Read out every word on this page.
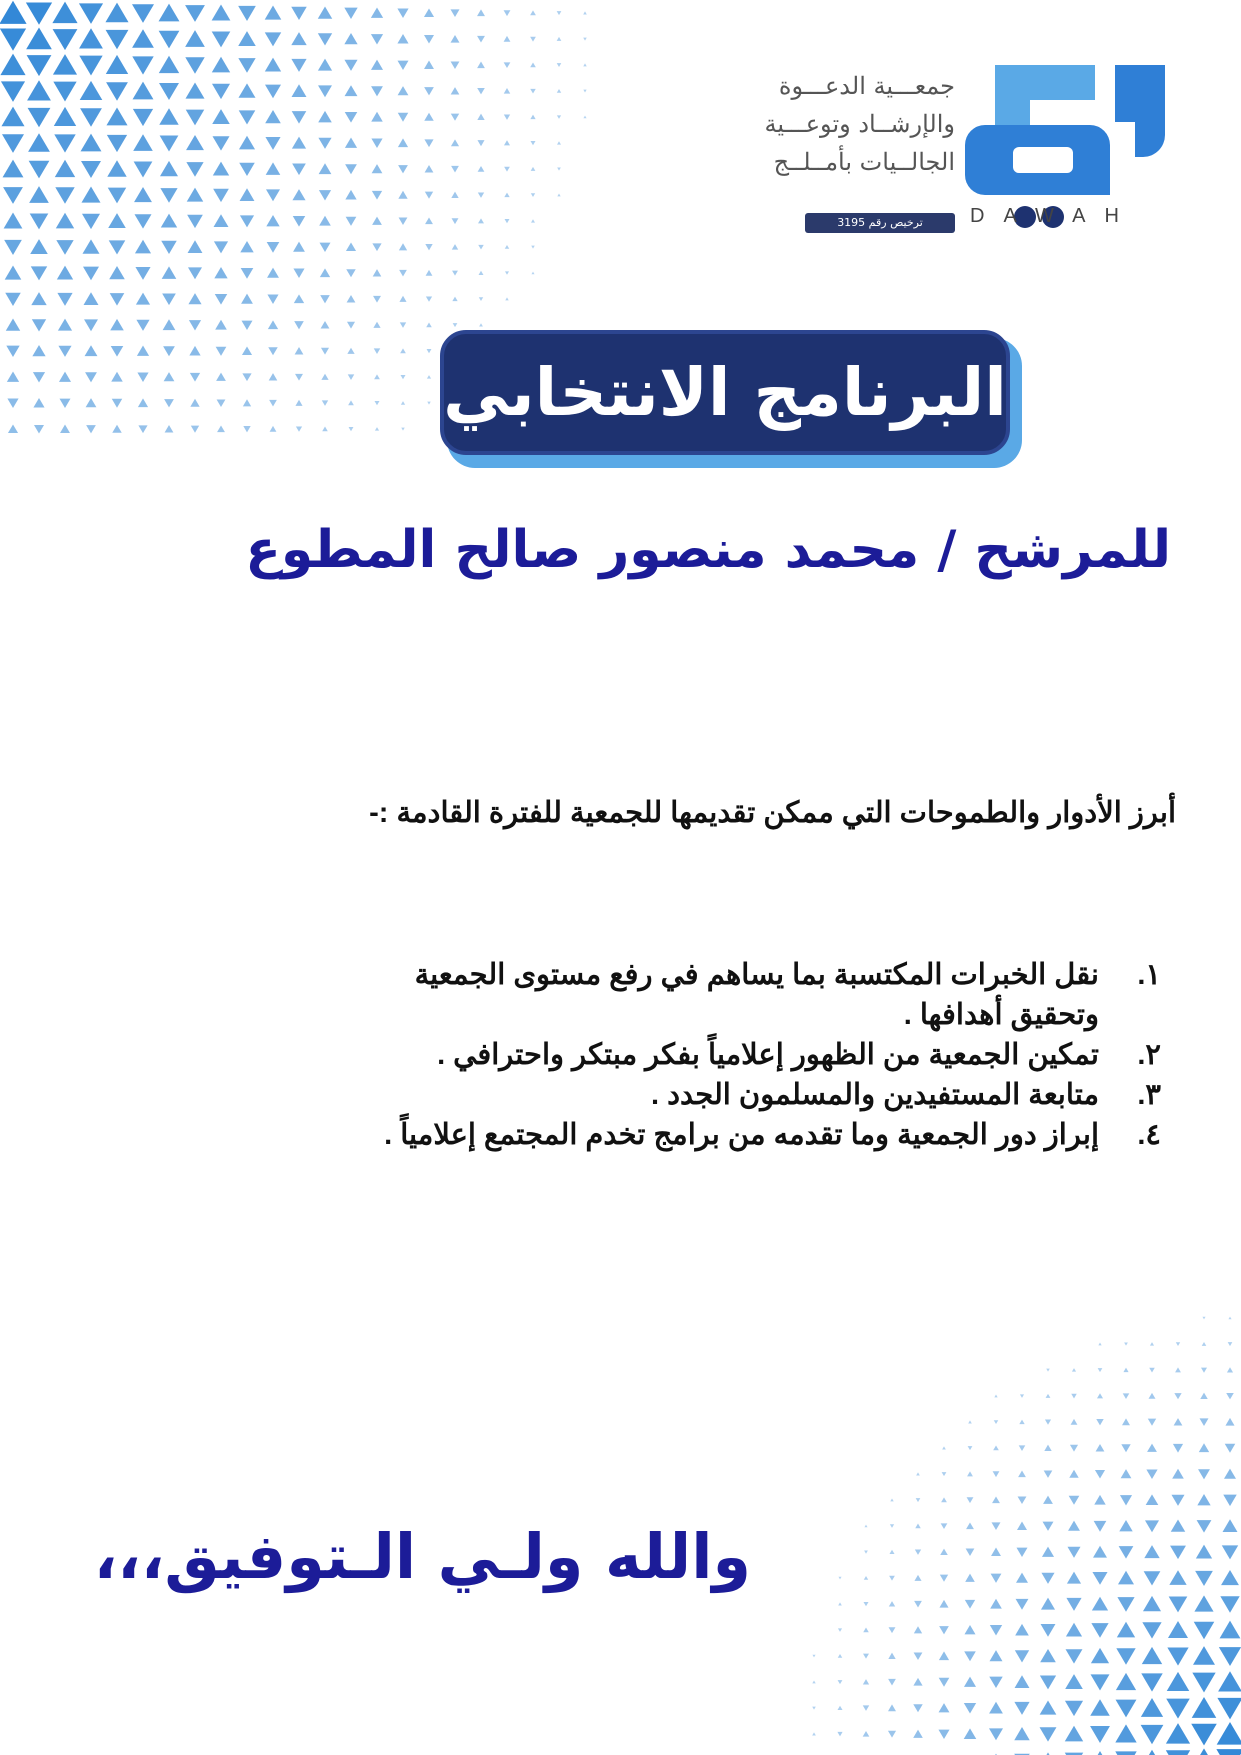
جمعـــية الدعـــوة
والإرشــاد وتوعـــية
الجالــيات بأمــلــج
ترخيص رقم 3195	DAWAH
البرنامج الانتخابي
للمرشح / محمد منصور صالح المطوع
أبرز الأدوار والطموحات التي ممكن تقديمها للجمعية للفترة القادمة :-
١.
نقل الخبرات المكتسبة بما يساهم في رفع مستوى الجمعية
وتحقيق أهدافها .
٢.
تمكين الجمعية من الظهور إعلامياً بفكر مبتكر واحترافي .
٣.
متابعة المستفيدين والمسلمون الجدد .
٤.
إبراز دور الجمعية وما تقدمه من برامج تخدم المجتمع إعلامياً .
والله ولـي الـتوفيق،،،
